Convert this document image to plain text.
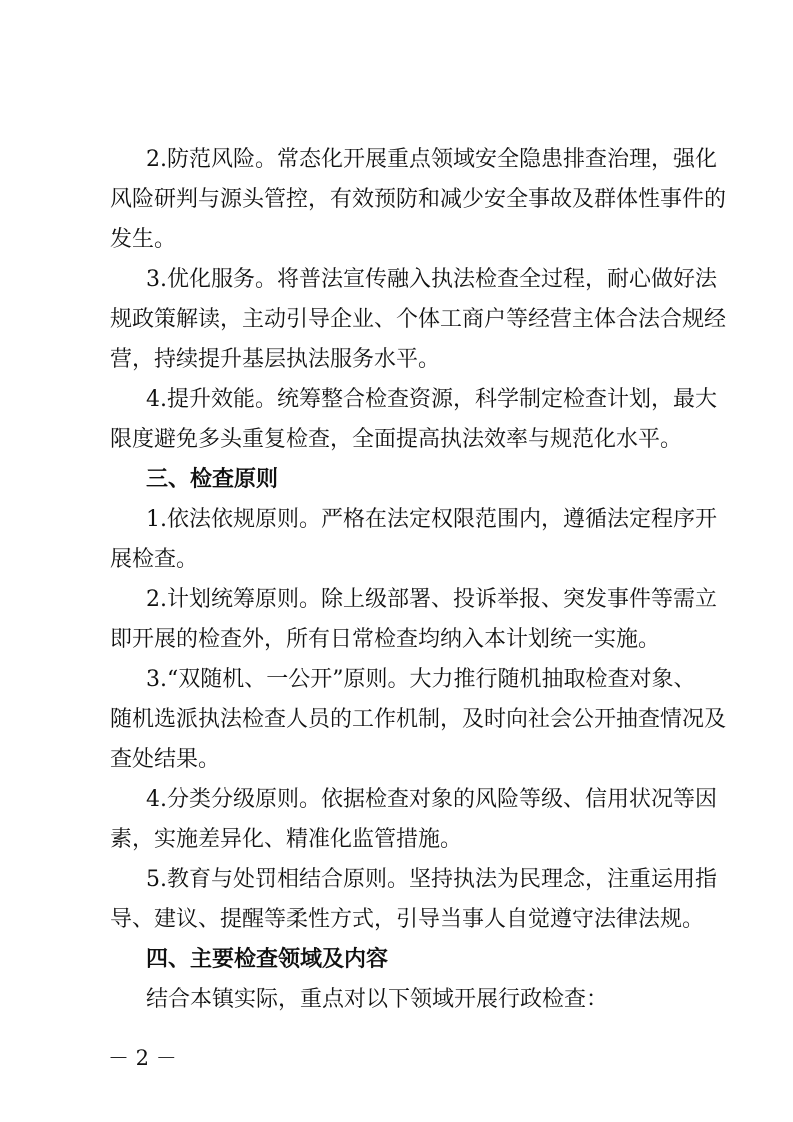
2.防范风险。常态化开展重点领域安全隐患排查治理，强化
风险研判与源头管控，有效预防和减少安全事故及群体性事件的
发生。
3.优化服务。将普法宣传融入执法检查全过程，耐心做好法
规政策解读，主动引导企业、个体工商户等经营主体合法合规经
营，持续提升基层执法服务水平。
4.提升效能。统筹整合检查资源，科学制定检查计划，最大
限度避免多头重复检查，全面提高执法效率与规范化水平。
三、检查原则
1.依法依规原则。严格在法定权限范围内，遵循法定程序开
展检查。
2.计划统筹原则。除上级部署、投诉举报、突发事件等需立
即开展的检查外，所有日常检查均纳入本计划统一实施。
3.“双随机、一公开”原则。大力推行随机抽取检查对象、
随机选派执法检查人员的工作机制，及时向社会公开抽查情况及
查处结果。
4.分类分级原则。依据检查对象的风险等级、信用状况等因
素，实施差异化、精准化监管措施。
5.教育与处罚相结合原则。坚持执法为民理念，注重运用指
导、建议、提醒等柔性方式，引导当事人自觉遵守法律法规。
四、主要检查领域及内容
结合本镇实际，重点对以下领域开展行政检查：
－ 2 －
